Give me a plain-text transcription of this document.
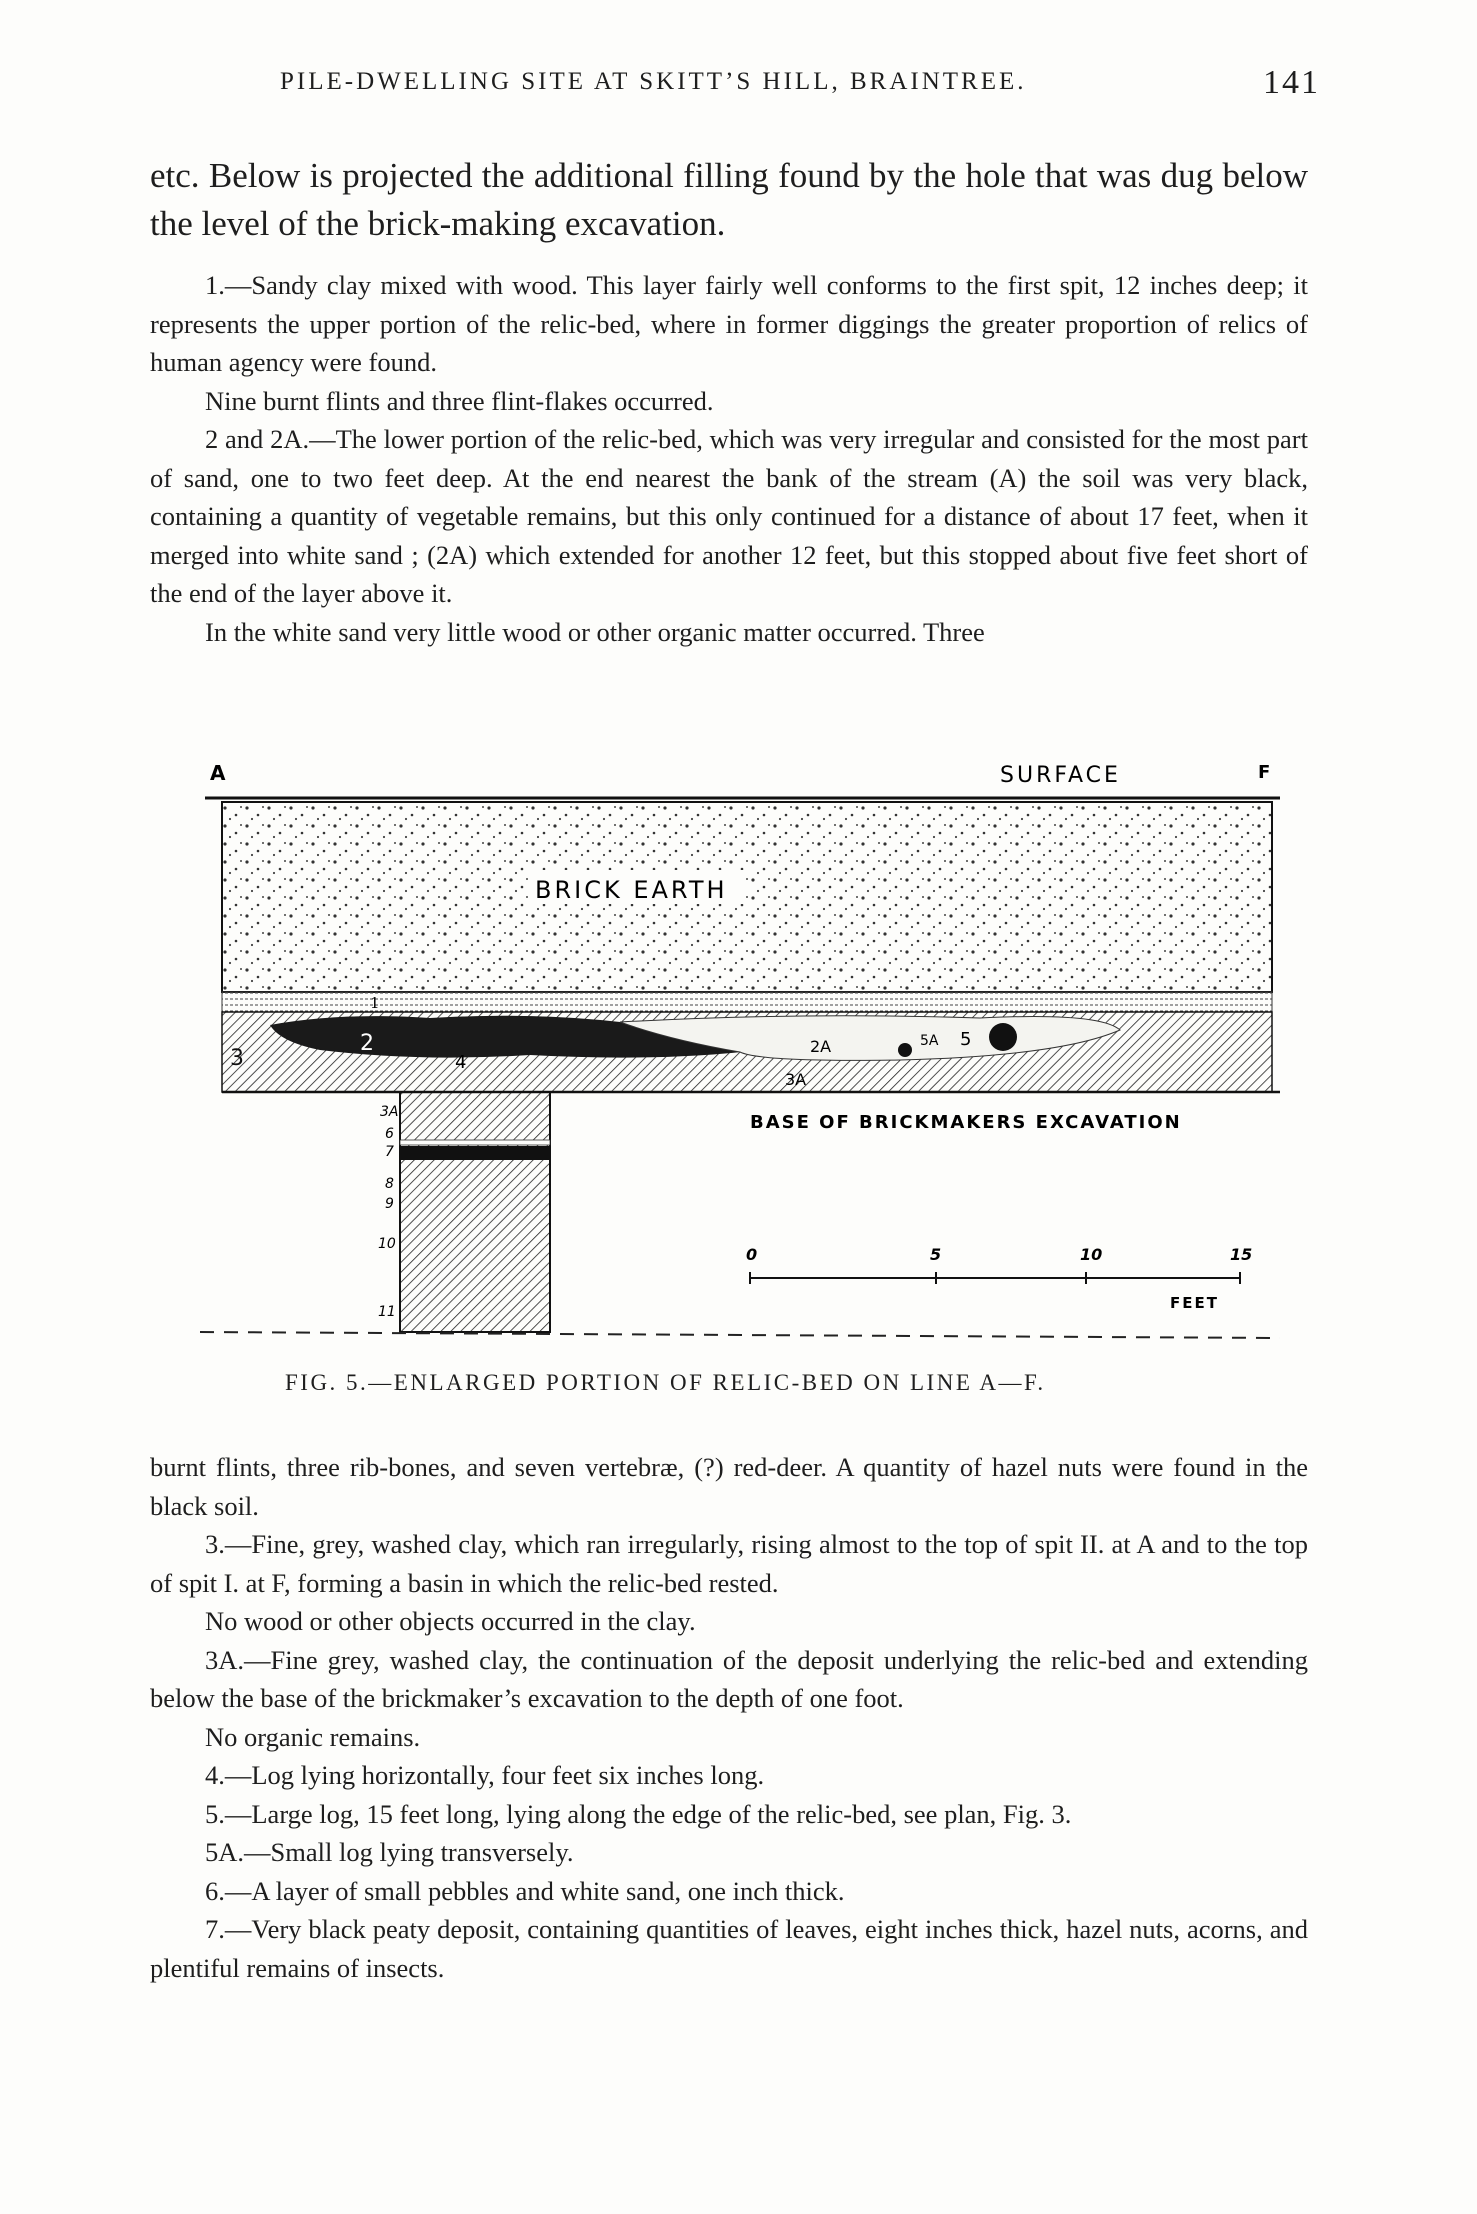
PILE-DWELLING SITE AT SKITT’S HILL, BRAINTREE.	141
etc. Below is projected the additional filling found by the hole that was dug below the level of the brick-making excavation.

1.—Sandy clay mixed with wood. This layer fairly well conforms to the first spit, 12 inches deep; it represents the upper portion of the relic-bed, where in former diggings the greater proportion of relics of human agency were found.

Nine burnt flints and three flint-flakes occurred.

2 and 2A.—The lower portion of the relic-bed, which was very irregular and consisted for the most part of sand, one to two feet deep. At the end nearest the bank of the stream (A) the soil was very black, containing a quantity of vegetable remains, but this only continued for a distance of about 17 feet, when it merged into white sand ; (2A) which extended for another 12 feet, but this stopped about five feet short of the end of the layer above it.

In the white sand very little wood or other organic matter occurred. Three

A	SURFACE	F
BRICK EARTH
1
3
2
4
2A	5A 5
3A
BASE OF BRICKMAKERS EXCAVATION
3A
6
7
8
9
10
11
0	5	10	15
FEET
FIG. 5.—ENLARGED PORTION OF RELIC-BED ON LINE A—F.

burnt flints, three rib-bones, and seven vertebræ, (?) red-deer. A quantity of hazel nuts were found in the black soil.

3.—Fine, grey, washed clay, which ran irregularly, rising almost to the top of spit II. at A and to the top of spit I. at F, forming a basin in which the relic-bed rested.

No wood or other objects occurred in the clay.

3A.—Fine grey, washed clay, the continuation of the deposit underlying the relic-bed and extending below the base of the brickmaker’s excavation to the depth of one foot.

No organic remains.

4.—Log lying horizontally, four feet six inches long.

5.—Large log, 15 feet long, lying along the edge of the relic-bed, see plan, Fig. 3.

5A.—Small log lying transversely.

6.—A layer of small pebbles and white sand, one inch thick.

7.—Very black peaty deposit, containing quantities of leaves, eight inches thick, hazel nuts, acorns, and plentiful remains of insects.
